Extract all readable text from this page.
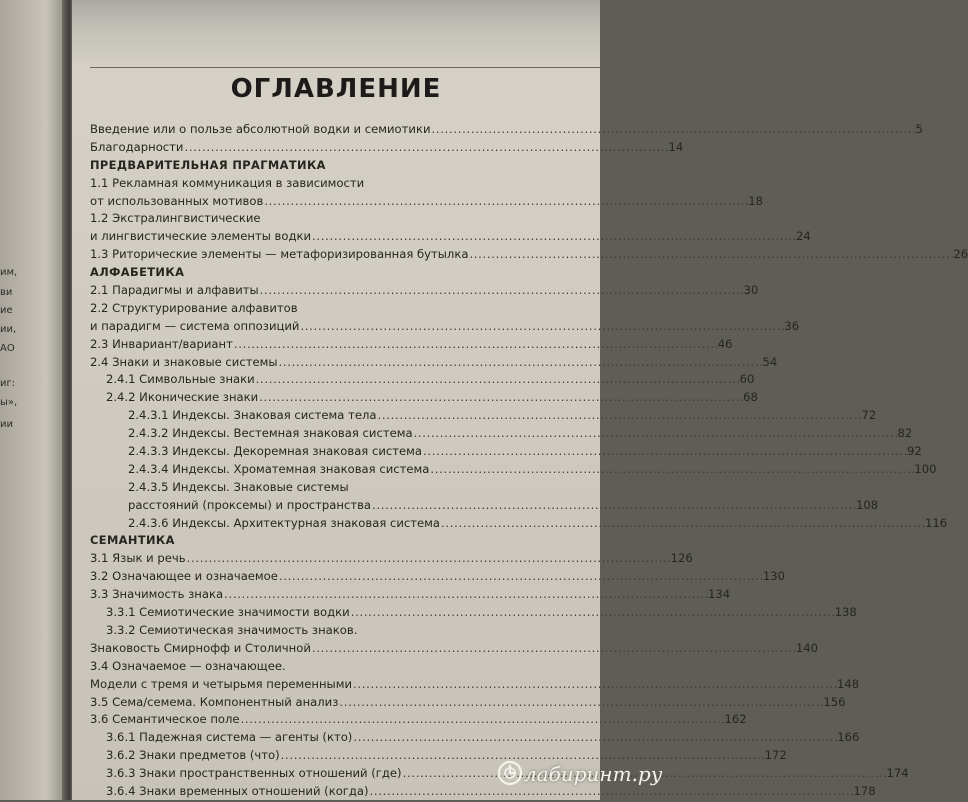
им,
ви
ие
ии,
АО
иг:
ы»,
ии
ОГЛАВЛЕНИЕ
Введение или о пользе абсолютной водки и семиотики . . .	5
Благодарности . . .	14
ПРЕДВАРИТЕЛЬНАЯ ПРАГМАТИКА
1.1 Рекламная коммуникация в зависимости
от использованных мотивов . . .	18
1.2 Экстралингвистические
и лингвистические элементы водки . . .	24
1.3 Риторические элементы — метафоризированная бутылка . . .	26
АЛФАБЕТИКА
2.1 Парадигмы и алфавиты . . .	30
2.2 Структурирование алфавитов
и парадигм — система оппозиций . . .	36
2.3 Инвариант/вариант . . .	46
2.4 Знаки и знаковые системы . . .	54
2.4.1 Символьные знаки . . .	60
2.4.2 Иконические знаки . . .	68
2.4.3.1 Индексы. Знаковая система тела . . .	72
2.4.3.2 Индексы. Вестемная знаковая система . . .	82
2.4.3.3 Индексы. Декоремная знаковая система . . .	92
2.4.3.4 Индексы. Хроматемная знаковая система . . .	100
2.4.3.5 Индексы. Знаковые системы
расстояний (проксемы) и пространства . . .	108
2.4.3.6 Индексы. Архитектурная знаковая система . . .	116
СЕМАНТИКА
3.1 Язык и речь . . .	126
3.2 Означающее и означаемое . . .	130
3.3 Значимость знака . . .	134
3.3.1 Семиотические значимости водки . . .	138
3.3.2 Семиотическая значимость знаков.
Знаковость Смирнофф и Столичной . . .	140
3.4 Означаемое — означающее.
Модели с тремя и четырьмя переменными . . .	148
3.5 Сема/семема. Компонентный анализ . . .	156
3.6 Семантическое поле . . .	162
3.6.1 Падежная система — агенты (кто) . . .	166
3.6.2 Знаки предметов (что) . . .	172
3.6.3 Знаки пространственных отношений (где) . . .	174
3.6.4 Знаки временных отношений (когда) . . .	178
лабиринт.ру
